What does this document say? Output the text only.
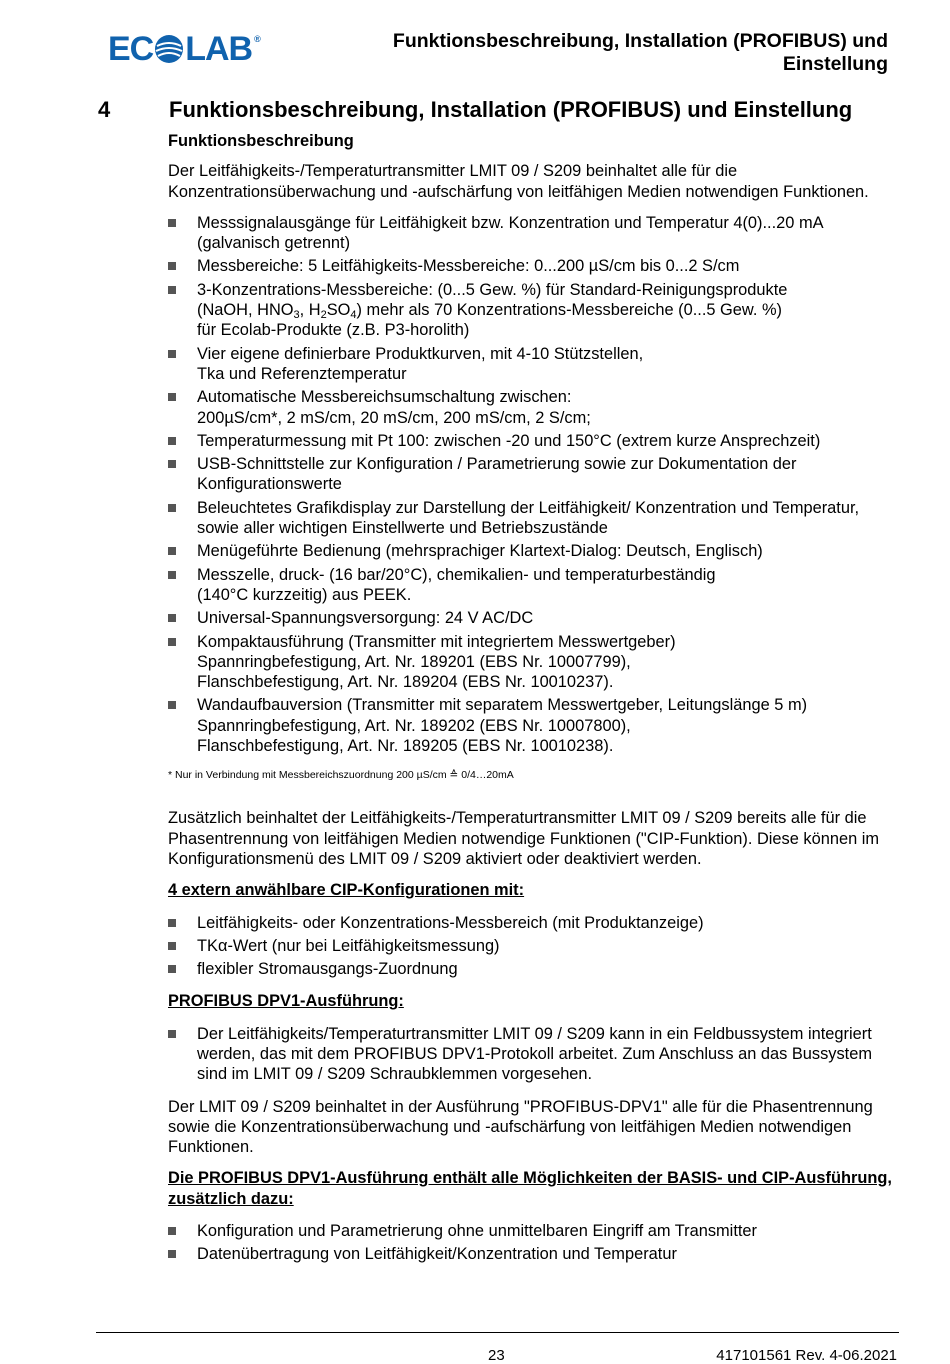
EC LAB ®	Funktionsbeschreibung, Installation (PROFIBUS) und Einstellung
4	Funktionsbeschreibung, Installation (PROFIBUS) und Einstellung
Funktionsbeschreibung

Der Leitfähigkeits-/Temperaturtransmitter LMIT 09 / S209 beinhaltet alle für die Konzentrationsüberwachung und -aufschärfung von leitfähigen Medien notwendigen Funktionen.

Messsignalausgänge für Leitfähigkeit bzw. Konzentration und Temperatur 4(0)...20 mA (galvanisch getrennt)
Messbereiche: 5 Leitfähigkeits-Messbereiche: 0...200 µS/cm bis 0...2 S/cm
3-Konzentrations-Messbereiche: (0...5 Gew. %) für Standard-Reinigungsprodukte
(NaOH, $HNO_3$, $H_2SO_4$) mehr als 70 Konzentrations-Messbereiche (0...5 Gew. %)
für Ecolab-Produkte (z.B. P3-horolith)
Vier eigene definierbare Produktkurven, mit 4-10 Stützstellen,
Tka und Referenztemperatur
Automatische Messbereichsumschaltung zwischen:
200µS/cm*, 2 mS/cm, 20 mS/cm, 200 mS/cm, 2 S/cm;
Temperaturmessung mit Pt 100: zwischen -20 und 150°C (extrem kurze Ansprechzeit)
USB-Schnittstelle zur Konfiguration / Parametrierung sowie zur Dokumentation der Konfigurationswerte
Beleuchtetes Grafikdisplay zur Darstellung der Leitfähigkeit/ Konzentration und Temperatur, sowie aller wichtigen Einstellwerte und Betriebszustände
Menügeführte Bedienung (mehrsprachiger Klartext-Dialog: Deutsch, Englisch)
Messzelle, druck- (16 bar/20°C), chemikalien- und temperaturbeständig
(140°C kurzzeitig) aus PEEK.
Universal-Spannungsversorgung: 24 V AC/DC
Kompaktausführung (Transmitter mit integriertem Messwertgeber)
Spannringbefestigung, Art. Nr. 189201 (EBS Nr. 10007799),
Flanschbefestigung, Art. Nr. 189204 (EBS Nr. 10010237).
Wandaufbauversion (Transmitter mit separatem Messwertgeber, Leitungslänge 5 m)
Spannringbefestigung, Art. Nr. 189202 (EBS Nr. 10007800),
Flanschbefestigung, Art. Nr. 189205 (EBS Nr. 10010238).
* Nur in Verbindung mit Messbereichszuordnung 200 µS/cm ≙ 0/4…20mA

Zusätzlich beinhaltet der Leitfähigkeits-/Temperaturtransmitter LMIT 09 / S209 bereits alle für die Phasentrennung von leitfähigen Medien notwendige Funktionen ("CIP-Funktion). Diese können im Konfigurationsmenü des LMIT 09 / S209 aktiviert oder deaktiviert werden.

4 extern anwählbare CIP-Konfigurationen mit:
Leitfähigkeits- oder Konzentrations-Messbereich (mit Produktanzeige)
TKα-Wert (nur bei Leitfähigkeitsmessung)
flexibler Stromausgangs-Zuordnung
PROFIBUS DPV1-Ausführung:
Der Leitfähigkeits/Temperaturtransmitter LMIT 09 / S209 kann in ein Feldbussystem integriert werden, das mit dem PROFIBUS DPV1-Protokoll arbeitet. Zum Anschluss an das Bussystem sind im LMIT 09 / S209 Schraubklemmen vorgesehen.

Der LMIT 09 / S209 beinhaltet in der Ausführung "PROFIBUS-DPV1" alle für die Phasentrennung sowie die Konzentrationsüberwachung und -aufschärfung von leitfähigen Medien notwendigen Funktionen.

Die PROFIBUS DPV1-Ausführung enthält alle Möglichkeiten der BASIS- und CIP-Ausführung, zusätzlich dazu:
Konfiguration und Parametrierung ohne unmittelbaren Eingriff am Transmitter
Datenübertragung von Leitfähigkeit/Konzentration und Temperatur
23	417101561 Rev. 4-06.2021
